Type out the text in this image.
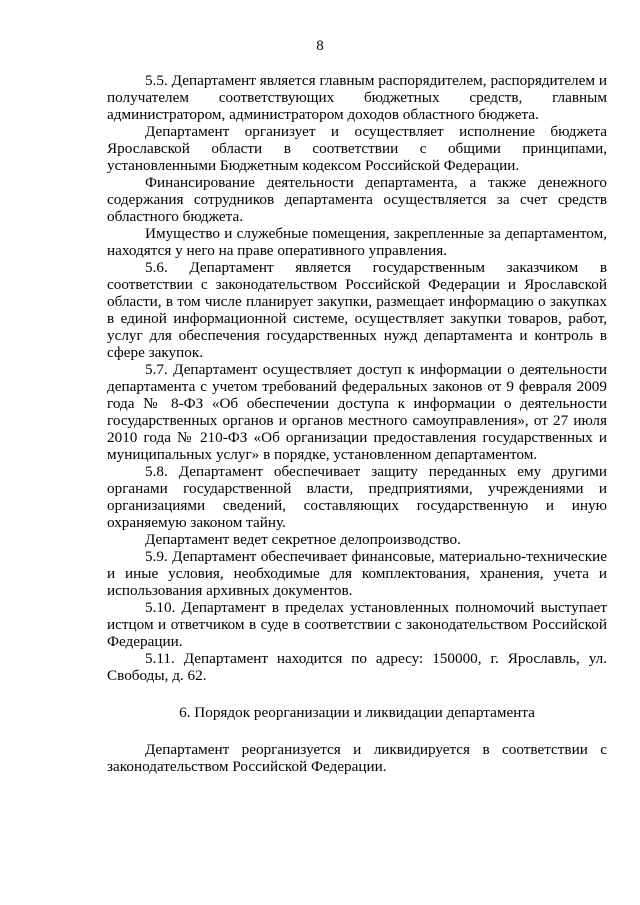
8

5.5. Департамент является главным распорядителем, распорядителем и получателем соответствующих бюджетных средств, главным администратором, администратором доходов областного бюджета.

Департамент организует и осуществляет исполнение бюджета Ярославской области в соответствии с общими принципами, установленными Бюджетным кодексом Российской Федерации.

Финансирование деятельности департамента, а также денежного содержания сотрудников департамента осуществляется за счет средств областного бюджета.

Имущество и служебные помещения, закрепленные за департаментом, находятся у него на праве оперативного управления.

5.6. Департамент является государственным заказчиком в соответствии с законодательством Российской Федерации и Ярославской области, в том числе планирует закупки, размещает информацию о закупках в единой информационной системе, осуществляет закупки товаров, работ, услуг для обеспечения государственных нужд департамента и контроль в сфере закупок.

5.7. Департамент осуществляет доступ к информации о деятельности департамента с учетом требований федеральных законов от 9 февраля 2009 года № 8-ФЗ «Об обеспечении доступа к информации о деятельности государственных органов и органов местного самоуправления», от 27 июля 2010 года № 210-ФЗ «Об организации предоставления государственных и муниципальных услуг» в порядке, установленном департаментом.

5.8. Департамент обеспечивает защиту переданных ему другими органами государственной власти, предприятиями, учреждениями и организациями сведений, составляющих государственную и иную охраняемую законом тайну.

Департамент ведет секретное делопроизводство.

5.9. Департамент обеспечивает финансовые, материально-технические и иные условия, необходимые для комплектования, хранения, учета и использования архивных документов.

5.10. Департамент в пределах установленных полномочий выступает истцом и ответчиком в суде в соответствии с законодательством Российской Федерации.

5.11. Департамент находится по адресу: 150000, г. Ярославль, ул. Свободы, д. 62.

6. Порядок реорганизации и ликвидации департамента

Департамент реорганизуется и ликвидируется в соответствии с законодательством Российской Федерации.
